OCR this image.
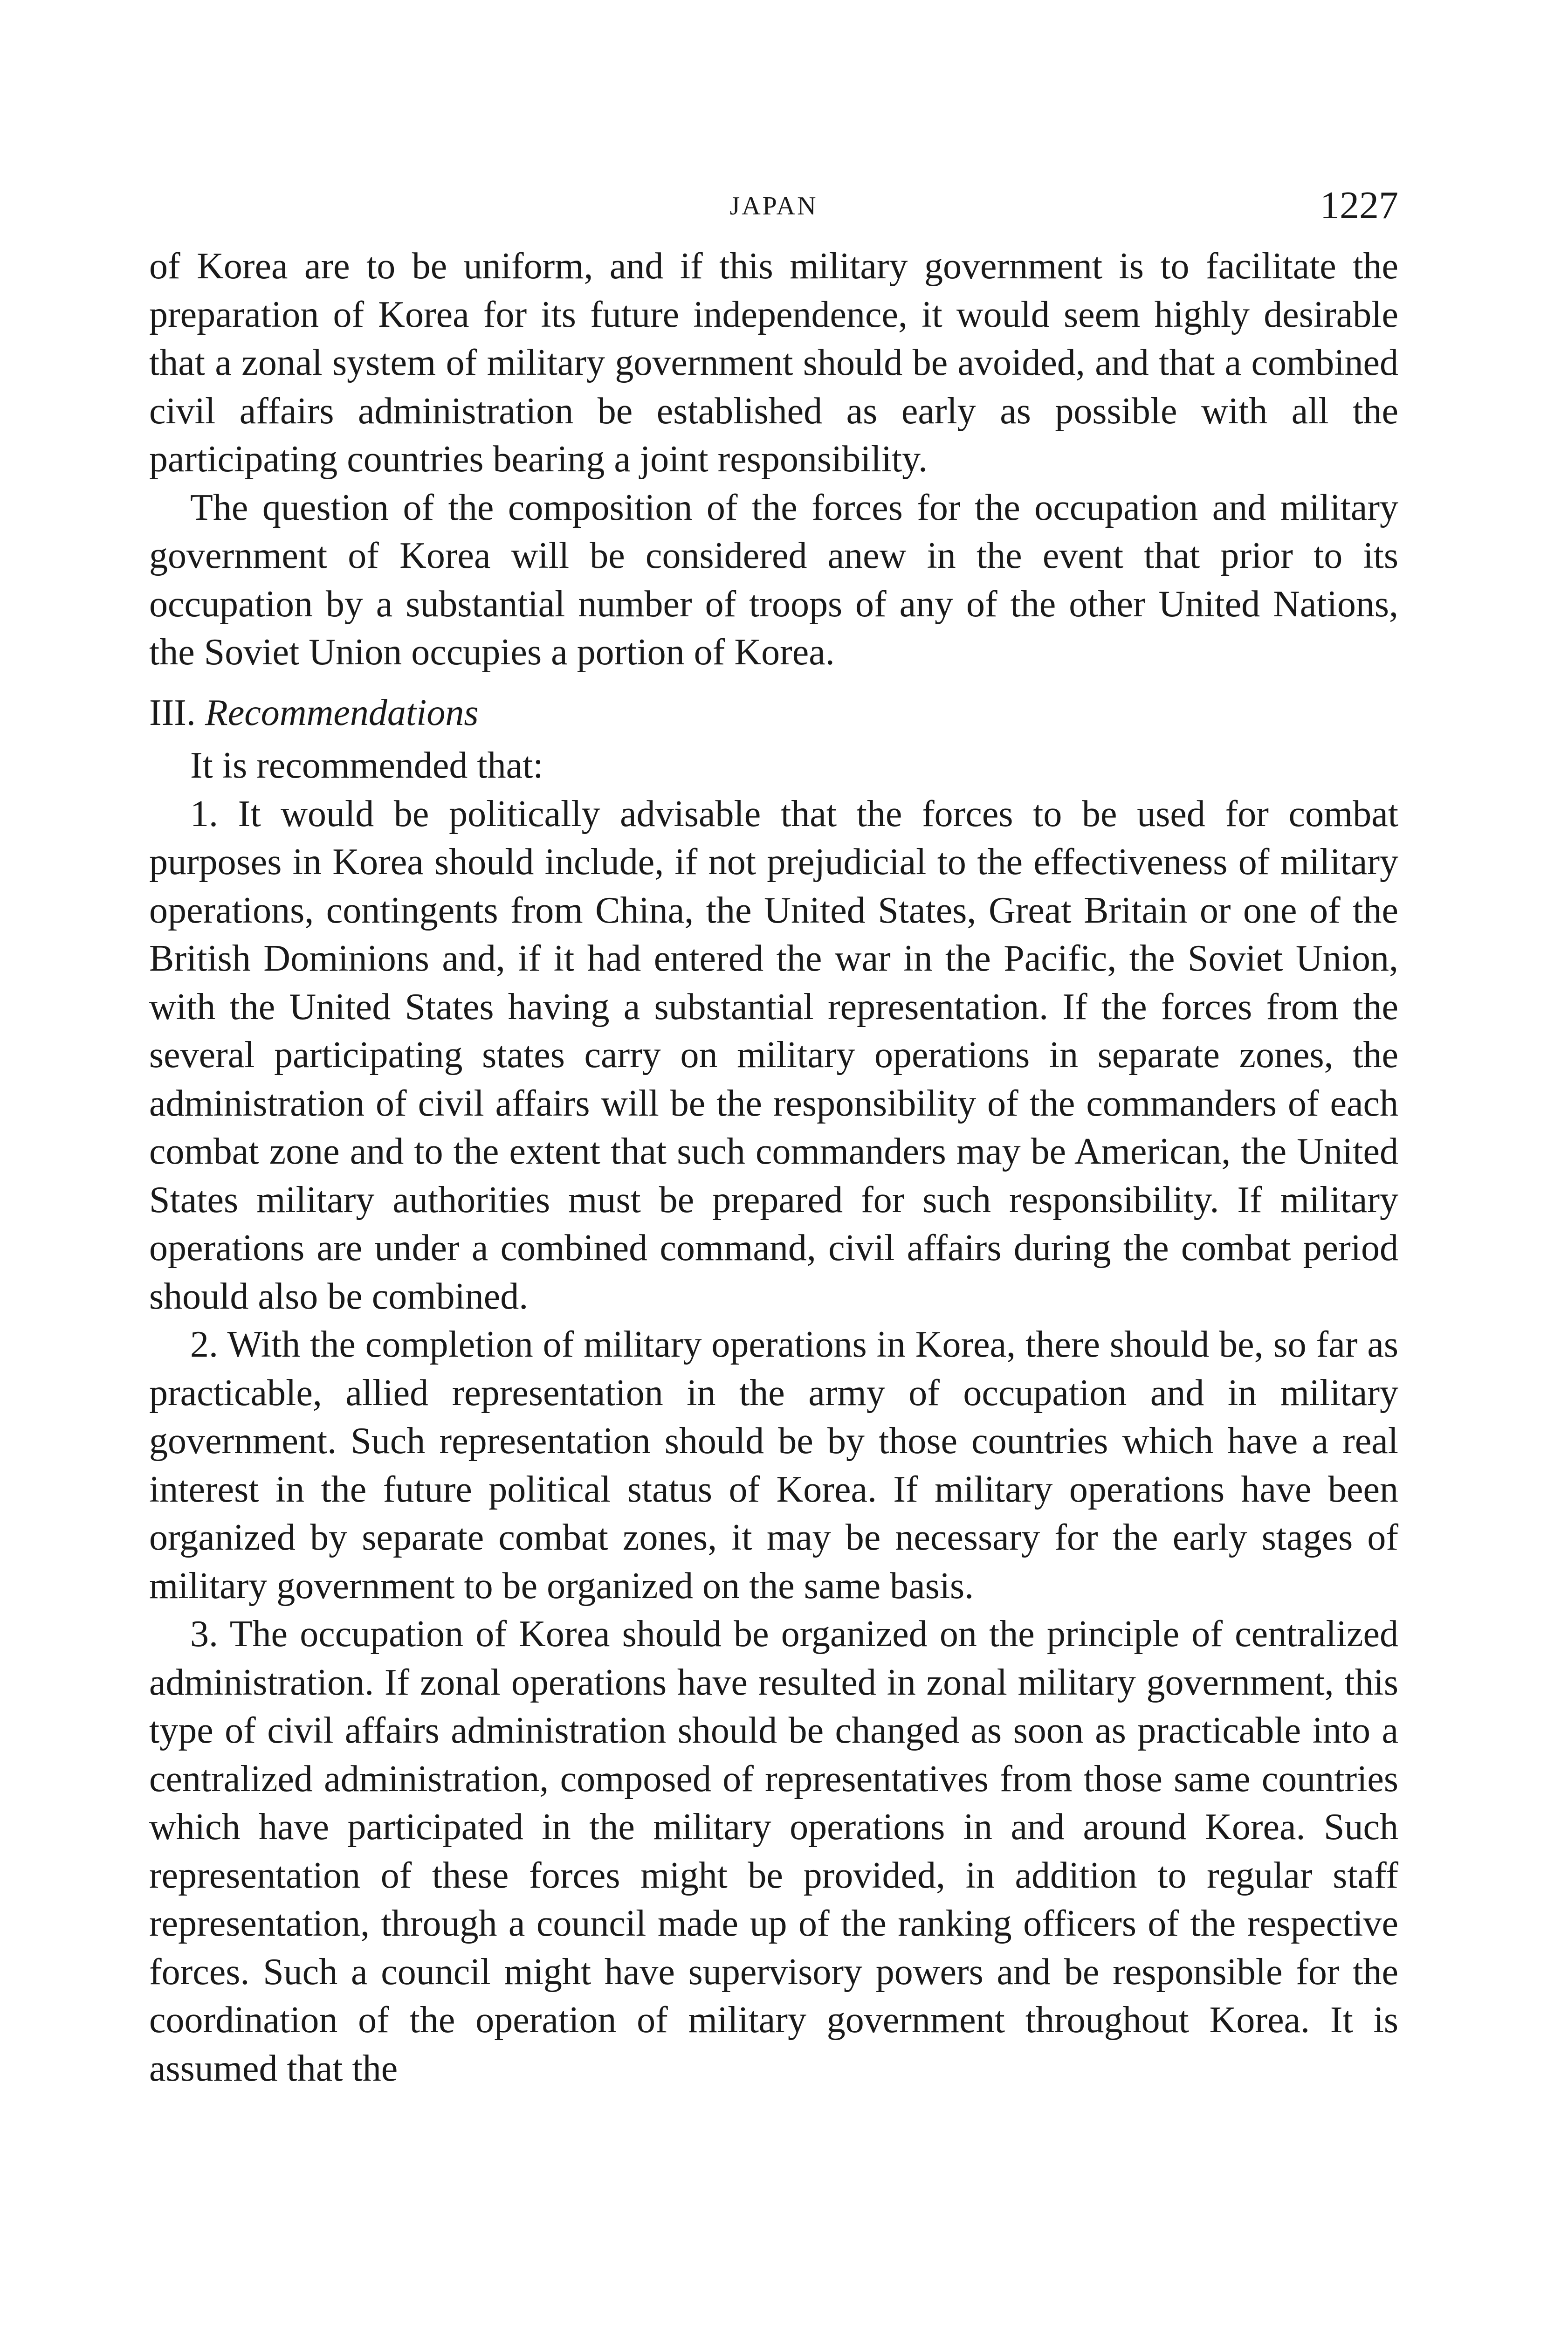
JAPAN	1227

of Korea are to be uniform, and if this military government is to facilitate the preparation of Korea for its future independence, it would seem highly desirable that a zonal system of military government should be avoided, and that a combined civil affairs administration be established as early as possible with all the participating countries bearing a joint responsibility.

The question of the composition of the forces for the occupation and military government of Korea will be considered anew in the event that prior to its occupation by a substantial number of troops of any of the other United Nations, the Soviet Union occupies a portion of Korea.

III. Recommendations

It is recommended that:

1. It would be politically advisable that the forces to be used for combat purposes in Korea should include, if not prejudicial to the effectiveness of military operations, contingents from China, the United States, Great Britain or one of the British Dominions and, if it had entered the war in the Pacific, the Soviet Union, with the United States having a substantial representation. If the forces from the several participating states carry on military operations in separate zones, the administration of civil affairs will be the responsibility of the commanders of each combat zone and to the extent that such commanders may be American, the United States military authorities must be prepared for such responsibility. If military operations are under a combined command, civil affairs during the combat period should also be combined.

2. With the completion of military operations in Korea, there should be, so far as practicable, allied representation in the army of occupation and in military government. Such representation should be by those countries which have a real interest in the future political status of Korea. If military operations have been organized by separate combat zones, it may be necessary for the early stages of military government to be organized on the same basis.

3. The occupation of Korea should be organized on the principle of centralized administration. If zonal operations have resulted in zonal military government, this type of civil affairs administration should be changed as soon as practicable into a centralized administration, composed of representatives from those same countries which have participated in the military operations in and around Korea. Such representation of these forces might be provided, in addition to regular staff representation, through a council made up of the ranking officers of the respective forces. Such a council might have supervisory powers and be responsible for the coordination of the operation of military government throughout Korea. It is assumed that the
